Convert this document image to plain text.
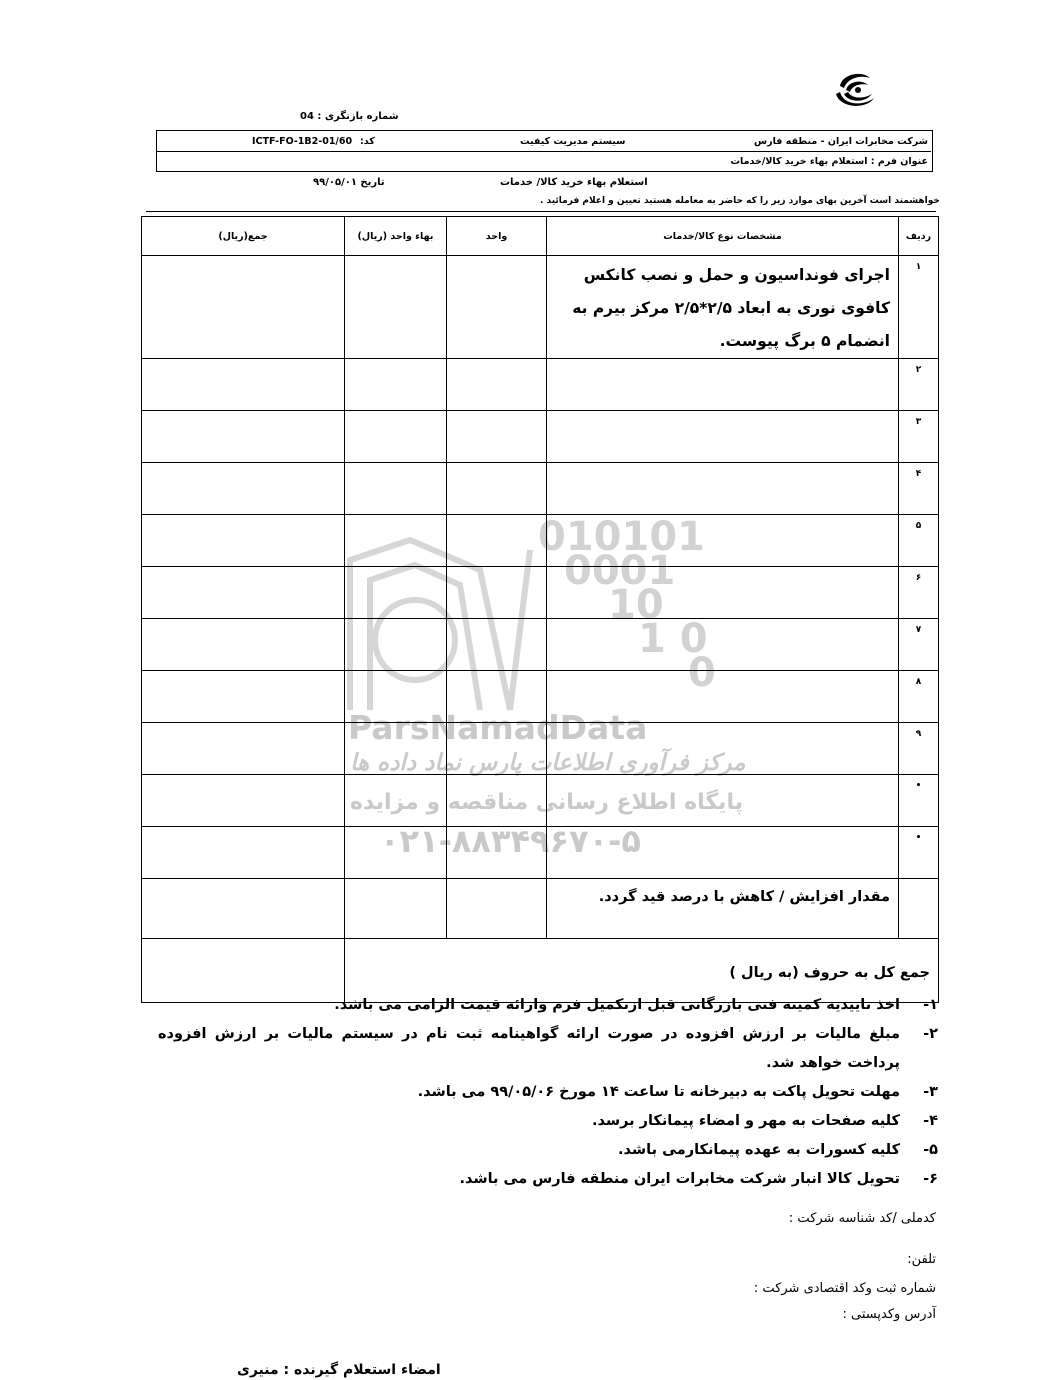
شماره بازنگری : 04
شرکت مخابرات ایران - منطقه فارس
سیستم مدیریت کیفیت
کد:
ICTF-FO-1B2-01/60
عنوان فرم : استعلام بهاء خرید کالا/خدمات
استعلام بهاء خرید کالا/ خدمات
تاریخ ۹۹/۰۵/۰۱
خواهشمند است آخرین بهای موارد زیر را که حاضر به معامله هستید تعیین و اعلام فرمائید .
010101
0001
10
1 0
0
ParsNamadData
مرکز فرآوری اطلاعات پارس نماد داده ها
پایگاه اطلاع رسانی مناقصه و مزایده
۰۲۱-۸۸۳۴۹۶۷۰-۵
ردیف	مشخصات نوع کالا/خدمات	واحد	بهاء واحد (ریال)	جمع(ریال)
۱	اجرای فونداسیون و حمل و نصب کانکس کافوی نوری به ابعاد ۲/۵*۲/۵ مرکز بیرم به انضمام ۵ برگ پیوست.			
۲				
۳				
۴				
۵				
۶				
۷				
۸				
۹				
•				
•				
	مقدار افزایش / کاهش با درصد قید گردد.			
جمع کل به حروف (به ریال )				
۱-
اخذ تاییدیه کمیته فنی بازرگانی قبل ازتکمیل فرم وارائه قیمت الزامی می باشد.
۲-
مبلغ مالیات بر ارزش افزوده در صورت ارائه گواهینامه ثبت نام در سیستم مالیات بر ارزش افزوده پرداخت خواهد شد.
۳-
مهلت تحویل پاکت به دبیرخانه تا ساعت ۱۴ مورخ ۹۹/۰۵/۰۶ می باشد.
۴-
کلیه صفحات به مهر و امضاء پیمانکار برسد.
۵-
کلیه کسورات به عهده پیمانکارمی باشد.
۶-
تحویل کالا انبار شرکت مخابرات ایران منطقه فارس می باشد.
کدملی /کد شناسه شرکت :
تلفن:
شماره ثبت وکد اقتصادی شرکت :
آدرس وکدپستی :
امضاء استعلام گیرنده : منیری
